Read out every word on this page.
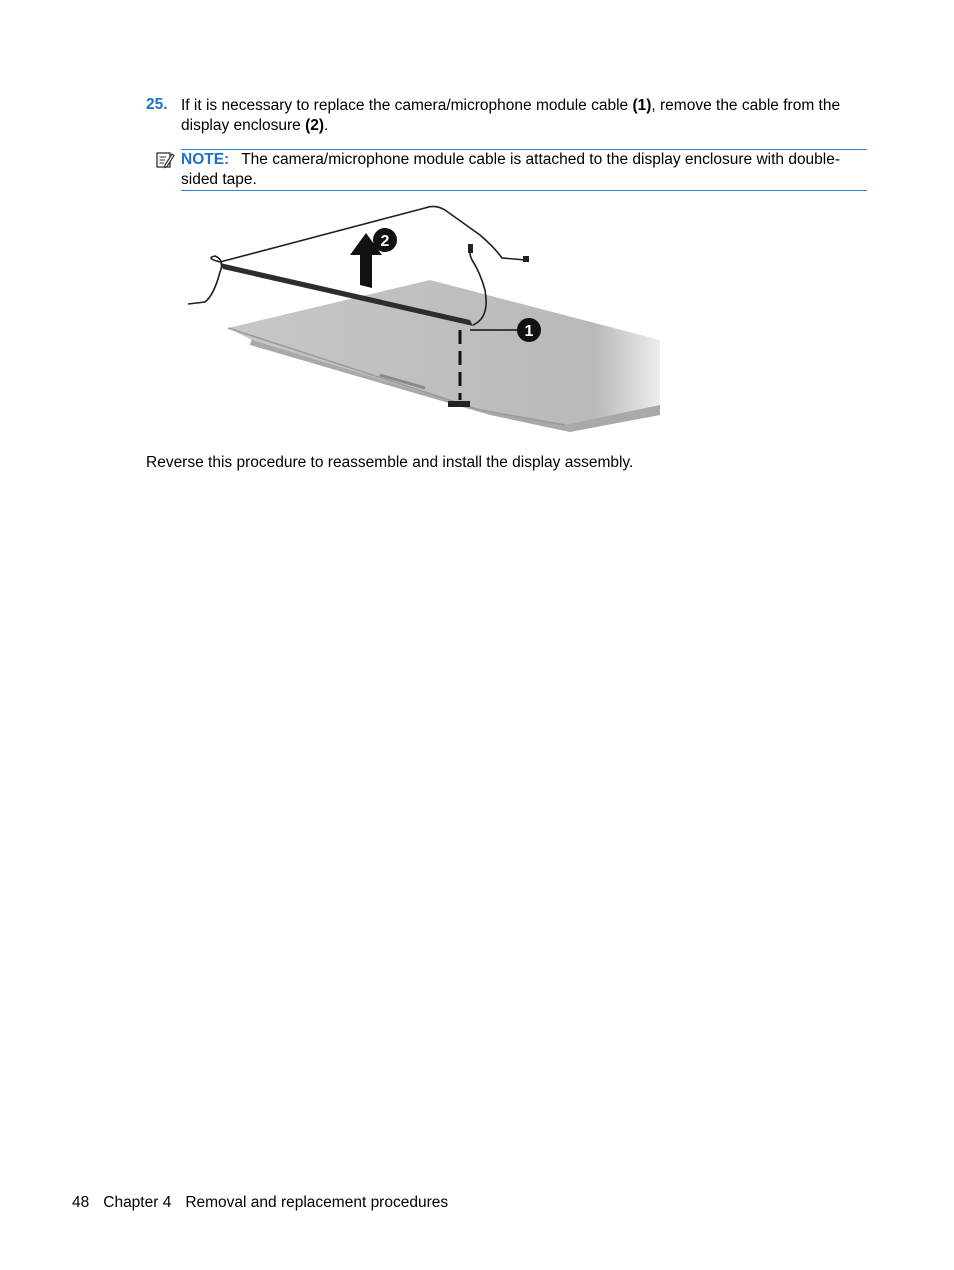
25. If it is necessary to replace the camera/microphone module cable (1), remove the cable from the display enclosure (2).
NOTE: The camera/microphone module cable is attached to the display enclosure with double-sided tape.
1
2
Reverse this procedure to reassemble and install the display assembly.
48 Chapter 4 Removal and replacement procedures
